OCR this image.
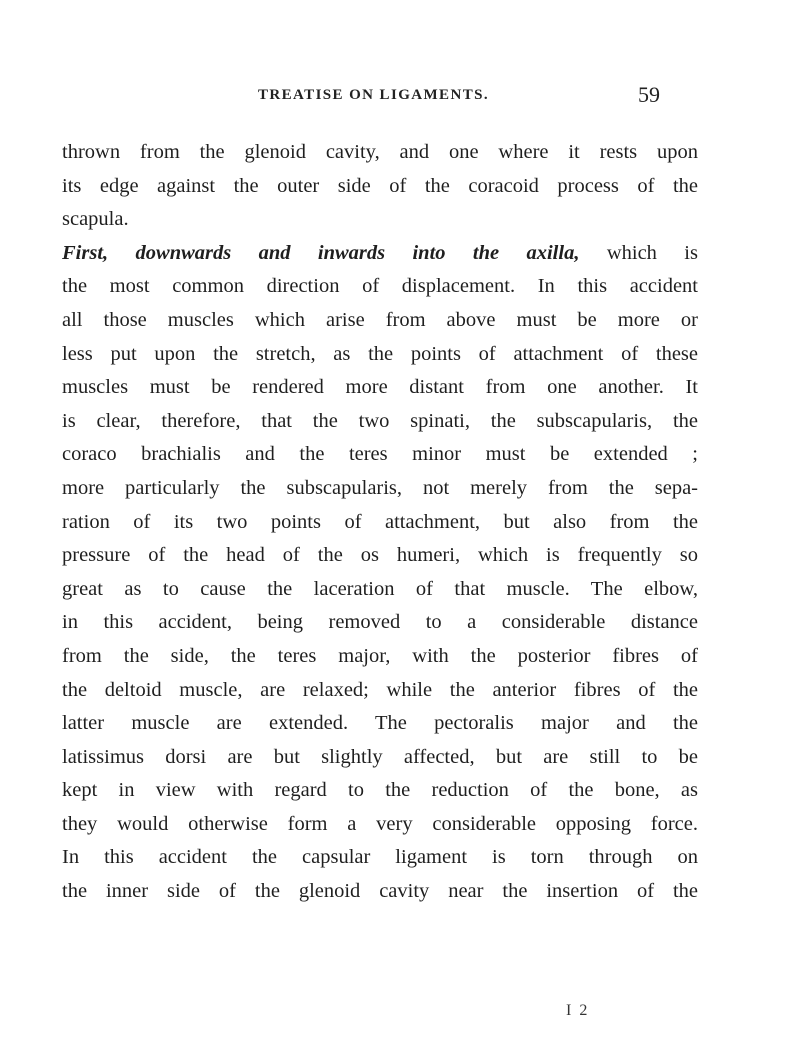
TREATISE ON LIGAMENTS.	59
thrown from the glenoid cavity, and one where it rests upon
its edge against the outer side of the coracoid process of the
scapula.
First, downwards and inwards into the axilla, which is
the most common direction of displacement. In this accident
all those muscles which arise from above must be more or
less put upon the stretch, as the points of attachment of these
muscles must be rendered more distant from one another. It
is clear, therefore, that the two spinati, the subscapularis, the
coraco brachialis and the teres minor must be extended ;
more particularly the subscapularis, not merely from the sepa-
ration of its two points of attachment, but also from the
pressure of the head of the os humeri, which is frequently so
great as to cause the laceration of that muscle. The elbow,
in this accident, being removed to a considerable distance
from the side, the teres major, with the posterior fibres of
the deltoid muscle, are relaxed; while the anterior fibres of the
latter muscle are extended. The pectoralis major and the
latissimus dorsi are but slightly affected, but are still to be
kept in view with regard to the reduction of the bone, as
they would otherwise form a very considerable opposing force.
In this accident the capsular ligament is torn through on
the inner side of the glenoid cavity near the insertion of the
I 2
